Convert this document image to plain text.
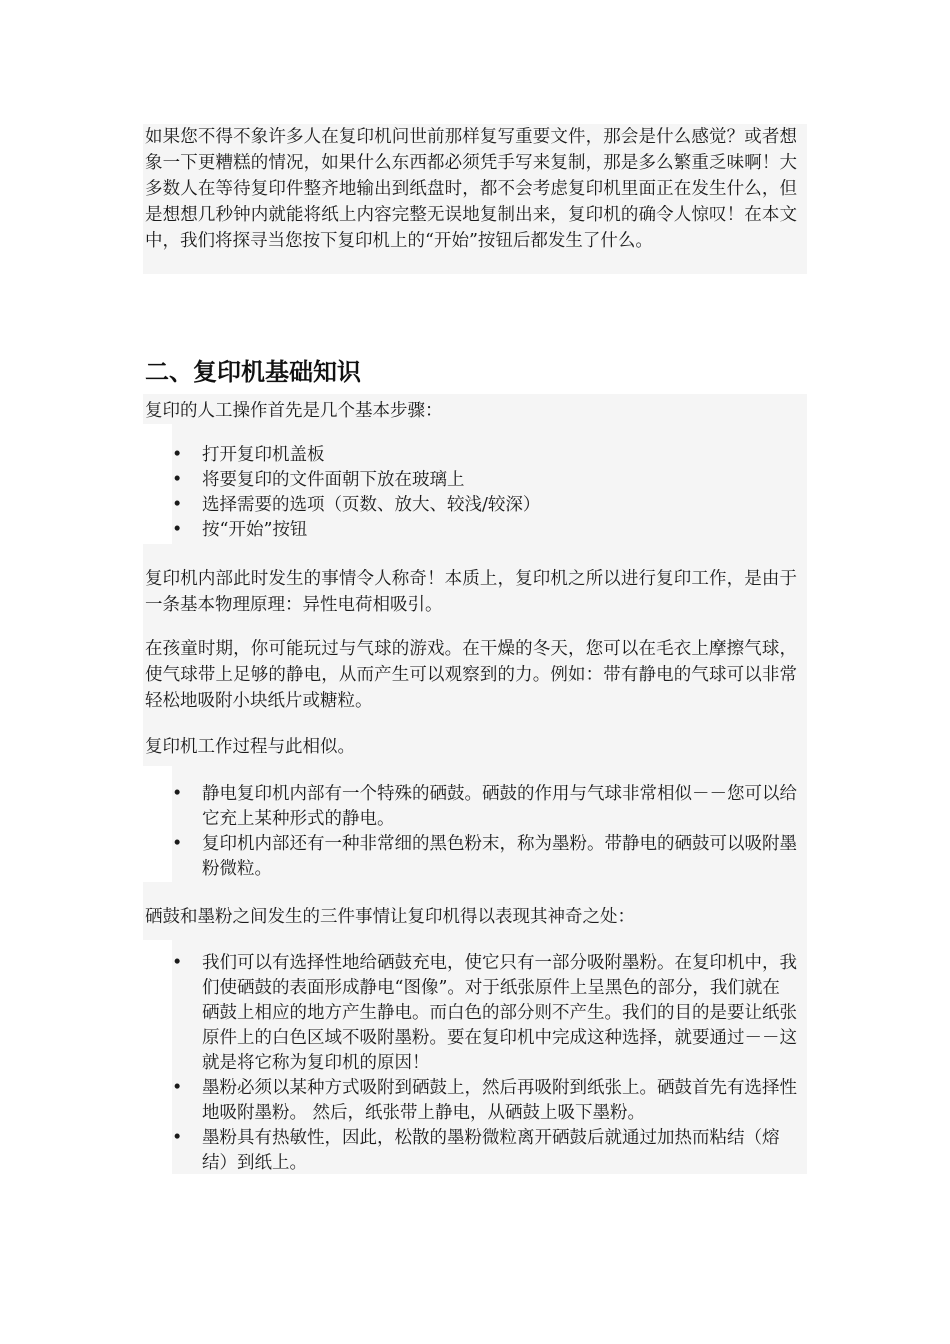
如果您不得不象许多人在复印机问世前那样复写重要文件，那会是什么感觉？或者想象一下更糟糕的情况，如果什么东西都必须凭手写来复制，那是多么繁重乏味啊！大多数人在等待复印件整齐地输出到纸盘时，都不会考虑复印机里面正在发生什么，但是想想几秒钟内就能将纸上内容完整无误地复制出来，复印机的确令人惊叹！在本文中，我们将探寻当您按下复印机上的“开始”按钮后都发生了什么。

二、复印机基础知识

复印的人工操作首先是几个基本步骤：

• 打开复印机盖板
• 将要复印的文件面朝下放在玻璃上
• 选择需要的选项（页数、放大、较浅/较深）
• 按“开始”按钮

复印机内部此时发生的事情令人称奇！本质上，复印机之所以进行复印工作，是由于一条基本物理原理：异性电荷相吸引。

在孩童时期，你可能玩过与气球的游戏。在干燥的冬天，您可以在毛衣上摩擦气球，使气球带上足够的静电，从而产生可以观察到的力。例如：带有静电的气球可以非常轻松地吸附小块纸片或糖粒。

复印机工作过程与此相似。

• 静电复印机内部有一个特殊的硒鼓。硒鼓的作用与气球非常相似－－您可以给它充上某种形式的静电。
• 复印机内部还有一种非常细的黑色粉末，称为墨粉。带静电的硒鼓可以吸附墨粉微粒。

硒鼓和墨粉之间发生的三件事情让复印机得以表现其神奇之处：

• 我们可以有选择性地给硒鼓充电，使它只有一部分吸附墨粉。在复印机中，我们使硒鼓的表面形成静电“图像”。对于纸张原件上呈黑色的部分，我们就在硒鼓上相应的地方产生静电。而白色的部分则不产生。我们的目的是要让纸张原件上的白色区域不吸附墨粉。要在复印机中完成这种选择，就要通过－－这就是将它称为复印机的原因！
• 墨粉必须以某种方式吸附到硒鼓上，然后再吸附到纸张上。硒鼓首先有选择性地吸附墨粉。 然后，纸张带上静电，从硒鼓上吸下墨粉。
• 墨粉具有热敏性，因此，松散的墨粉微粒离开硒鼓后就通过加热而粘结（熔结）到纸上。
